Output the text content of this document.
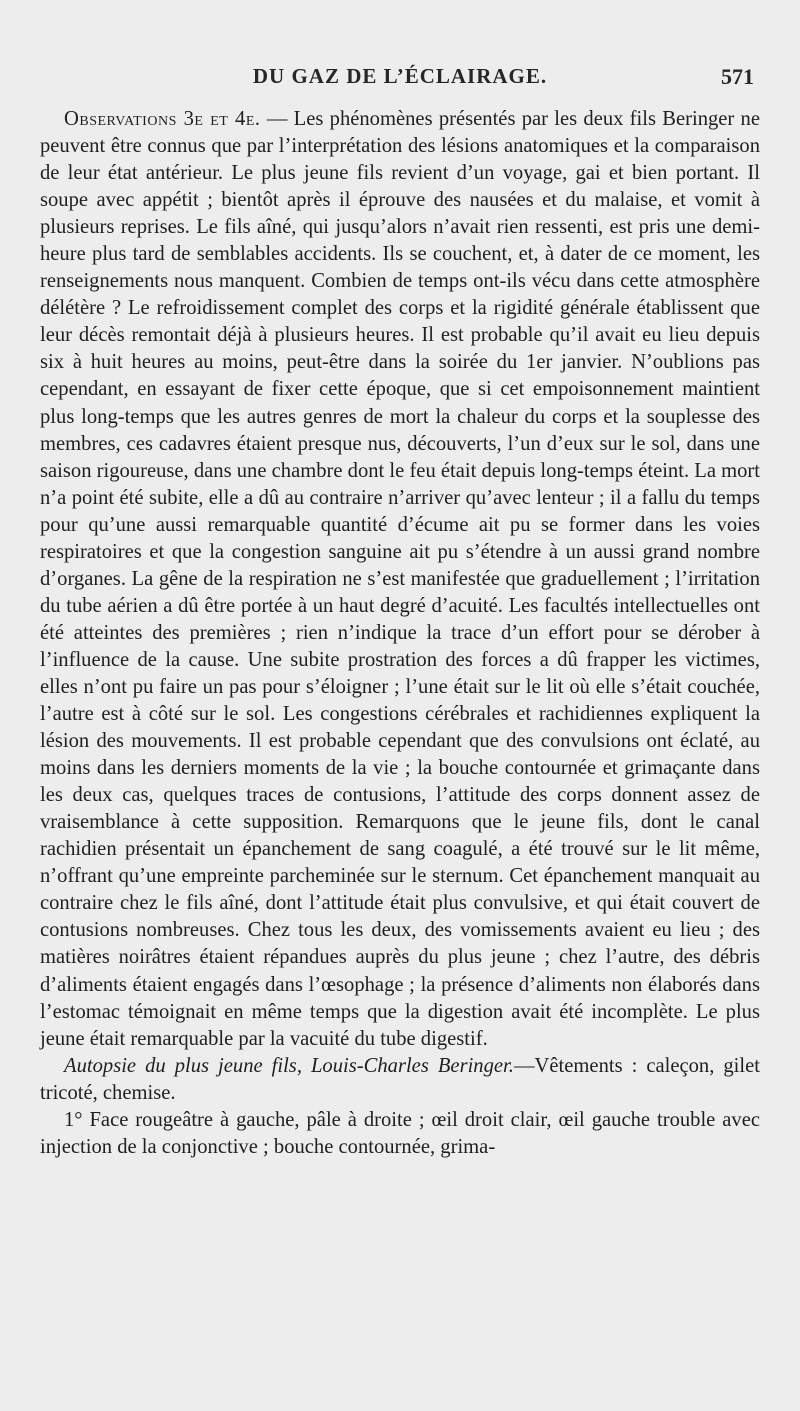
DU GAZ DE L’ÉCLAIRAGE.	571

Observations 3e et 4e. — Les phénomènes présentés par les deux fils Beringer ne peuvent être connus que par l’interprétation des lésions anatomiques et la comparaison de leur état antérieur. Le plus jeune fils revient d’un voyage, gai et bien portant. Il soupe avec appétit ; bientôt après il éprouve des nausées et du malaise, et vomit à plusieurs reprises. Le fils aîné, qui jusqu’alors n’avait rien ressenti, est pris une demi-heure plus tard de semblables accidents. Ils se couchent, et, à dater de ce moment, les renseignements nous manquent. Combien de temps ont-ils vécu dans cette atmosphère délétère ? Le refroidissement complet des corps et la rigidité générale établissent que leur décès remontait déjà à plusieurs heures. Il est probable qu’il avait eu lieu depuis six à huit heures au moins, peut-être dans la soirée du 1er janvier. N’oublions pas cependant, en essayant de fixer cette époque, que si cet empoisonnement maintient plus long-temps que les autres genres de mort la chaleur du corps et la souplesse des membres, ces cadavres étaient presque nus, découverts, l’un d’eux sur le sol, dans une saison rigoureuse, dans une chambre dont le feu était depuis long-temps éteint. La mort n’a point été subite, elle a dû au contraire n’arriver qu’avec lenteur ; il a fallu du temps pour qu’une aussi remarquable quantité d’écume ait pu se former dans les voies respiratoires et que la congestion sanguine ait pu s’étendre à un aussi grand nombre d’organes. La gêne de la respiration ne s’est manifestée que graduellement ; l’irritation du tube aérien a dû être portée à un haut degré d’acuité. Les facultés intellectuelles ont été atteintes des premières ; rien n’indique la trace d’un effort pour se dérober à l’influence de la cause. Une subite prostration des forces a dû frapper les victimes, elles n’ont pu faire un pas pour s’éloigner ; l’une était sur le lit où elle s’était couchée, l’autre est à côté sur le sol. Les congestions cérébrales et rachidiennes expliquent la lésion des mouvements. Il est probable cependant que des convulsions ont éclaté, au moins dans les derniers moments de la vie ; la bouche contournée et grimaçante dans les deux cas, quelques traces de contusions, l’attitude des corps donnent assez de vraisemblance à cette supposition. Remarquons que le jeune fils, dont le canal rachidien présentait un épanchement de sang coagulé, a été trouvé sur le lit même, n’offrant qu’une empreinte parcheminée sur le sternum. Cet épanchement manquait au contraire chez le fils aîné, dont l’attitude était plus convulsive, et qui était couvert de contusions nombreuses. Chez tous les deux, des vomissements avaient eu lieu ; des matières noirâtres étaient répandues auprès du plus jeune ; chez l’autre, des débris d’aliments étaient engagés dans l’œsophage ; la présence d’aliments non élaborés dans l’estomac témoignait en même temps que la digestion avait été incomplète. Le plus jeune était remarquable par la vacuité du tube digestif.

Autopsie du plus jeune fils, Louis-Charles Beringer.—Vêtements : caleçon, gilet tricoté, chemise.

1° Face rougeâtre à gauche, pâle à droite ; œil droit clair, œil gauche trouble avec injection de la conjonctive ; bouche contournée, grima-
